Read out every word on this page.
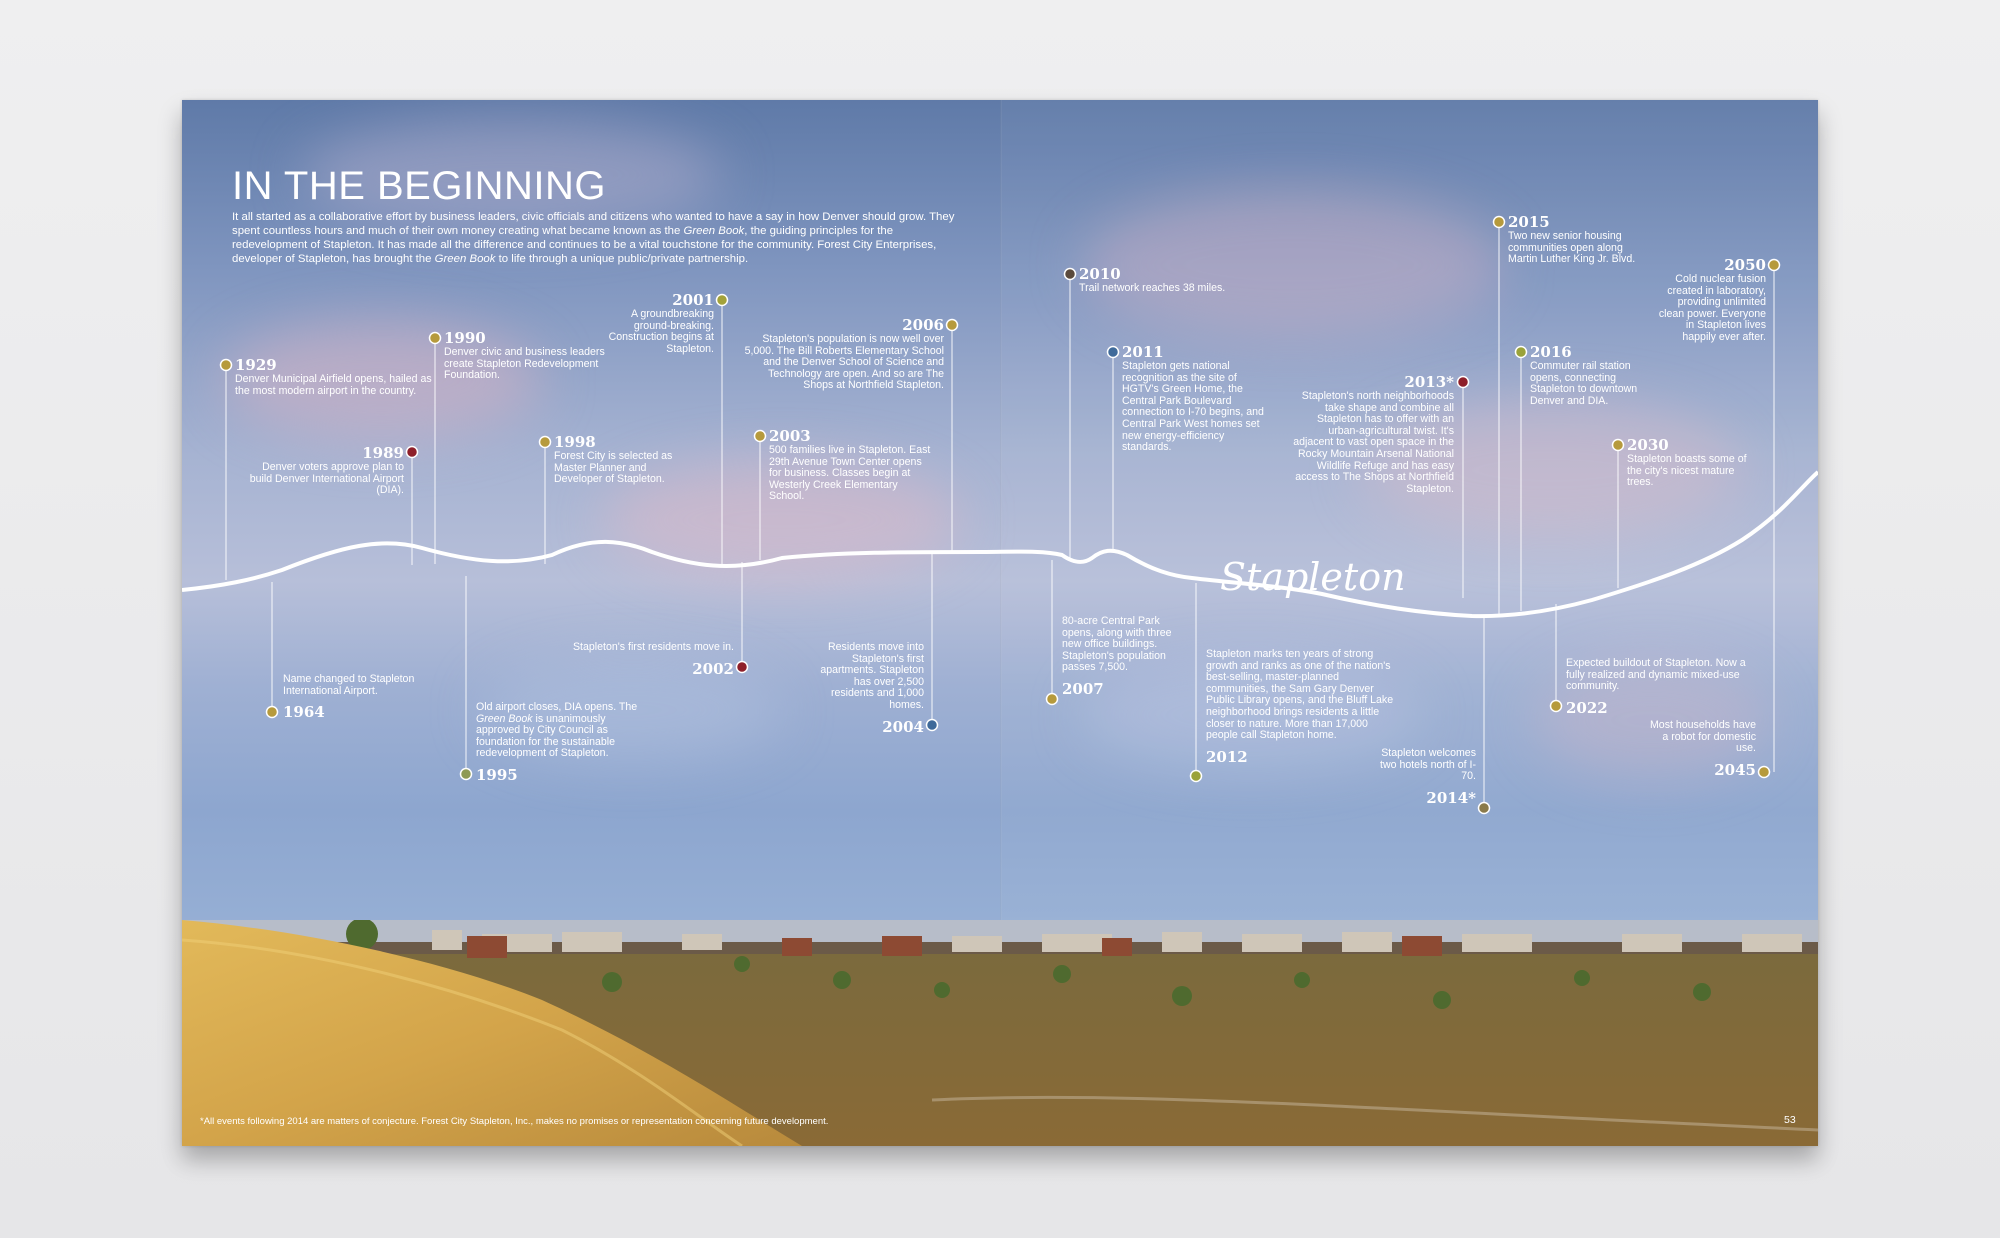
Stapleton
IN THE BEGINNING

It all started as a collaborative effort by business leaders, civic officials and citizens who wanted to have a say in how Denver should grow. They spent countless hours and much of their own money creating what became known as the Green Book, the guiding principles for the redevelopment of Stapleton. It has made all the difference and continues to be a vital touchstone for the community. Forest City Enterprises, developer of Stapleton, has brought the Green Book to life through a unique public/private partnership.

1929
Denver Municipal Airfield opens, hailed as the most modern airport in the country.
1989
Denver voters approve plan to build Denver International Airport (DIA).
1990
Denver civic and business leaders create Stapleton Redevelopment Foundation.
1998
Forest City is selected as Master Planner and Developer of Stapleton.
2001
A groundbreaking ground-breaking. Construction begins at Stapleton.
2003
500 families live in Stapleton. East 29th Avenue Town Center opens for business. Classes begin at Westerly Creek Elementary School.
2006
Stapleton's population is now well over 5,000. The Bill Roberts Elementary School and the Denver School of Science and Technology are open. And so are The Shops at Northfield Stapleton.
2010
Trail network reaches 38 miles.
2011
Stapleton gets national recognition as the site of HGTV's Green Home, the Central Park Boulevard connection to I-70 begins, and Central Park West homes set new energy-efficiency standards.
2013*
Stapleton's north neighborhoods take shape and combine all Stapleton has to offer with an urban-agricultural twist. It's adjacent to vast open space in the Rocky Mountain Arsenal National Wildlife Refuge and has easy access to The Shops at Northfield Stapleton.
2015
Two new senior housing communities open along Martin Luther King Jr. Blvd.
2016
Commuter rail station opens, connecting Stapleton to downtown Denver and DIA.
2030
Stapleton boasts some of the city's nicest mature trees.
2050
Cold nuclear fusion created in laboratory, providing unlimited clean power. Everyone in Stapleton lives happily ever after.
Name changed to Stapleton International Airport.
1964	Old airport closes, DIA opens. The Green Book is unanimously approved by City Council as foundation for the sustainable redevelopment of Stapleton.
1995
Stapleton's first residents move in.
2002
Residents move into Stapleton's first apartments. Stapleton has over 2,500 residents and 1,000 homes.
2004
80-acre Central Park opens, along with three new office buildings. Stapleton's population passes 7,500.
2007
Stapleton marks ten years of strong growth and ranks as one of the nation's best-selling, master-planned communities, the Sam Gary Denver Public Library opens, and the Bluff Lake neighborhood brings residents a little closer to nature. More than 17,000 people call Stapleton home.
2012	Stapleton welcomes two hotels north of I-70.
2014*
Expected buildout of Stapleton. Now a fully realized and dynamic mixed-use community.
2022
Most households have a robot for domestic use.
2045
*All events following 2014 are matters of conjecture. Forest City Stapleton, Inc., makes no promises or representation concerning future development.	53
